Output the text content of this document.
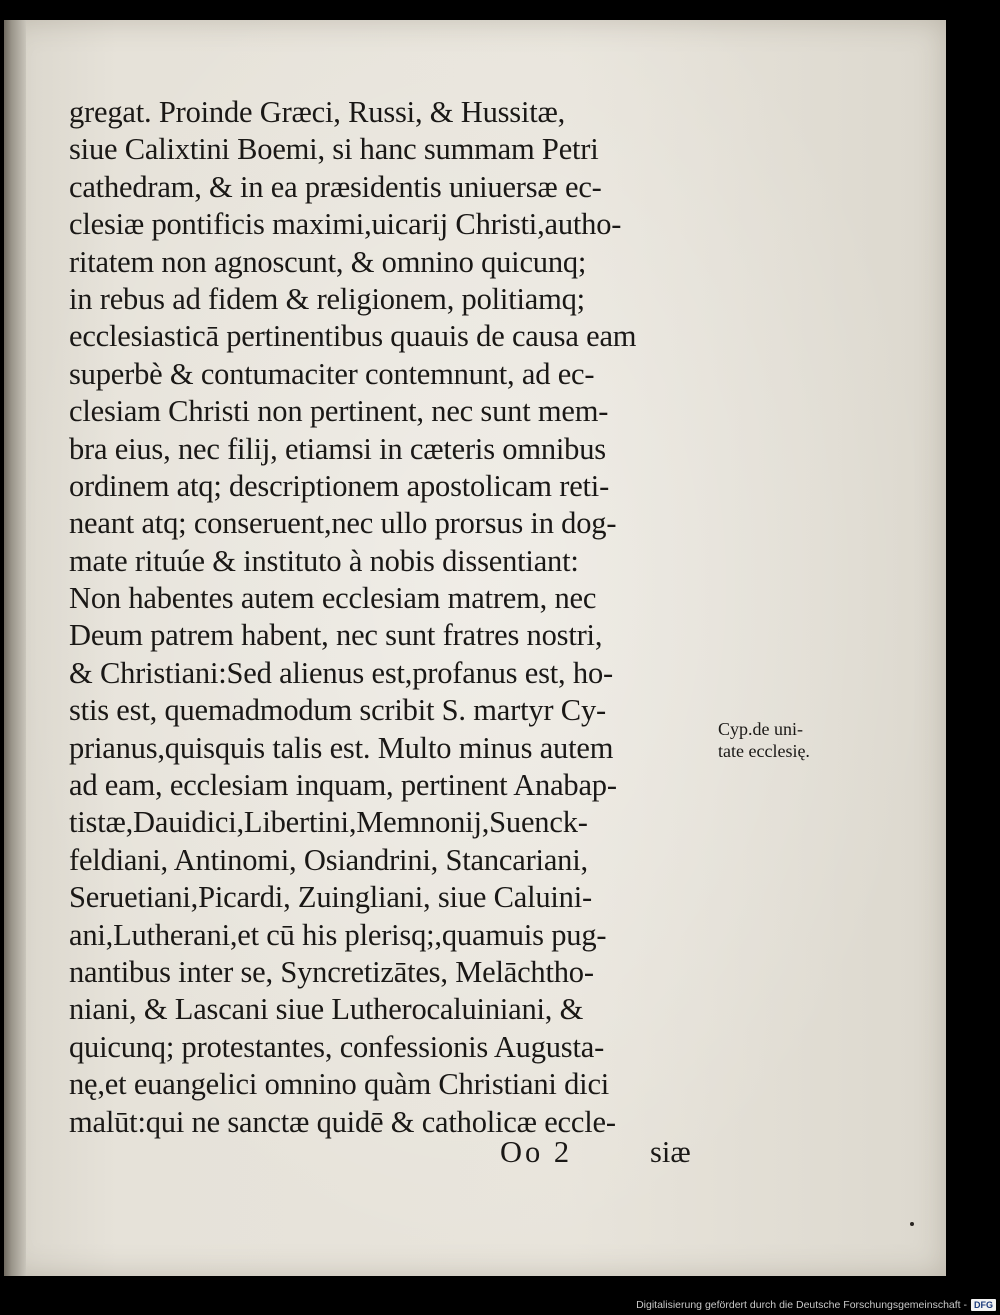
gregat. Proinde Græci, Russi, & Hussitæ,
siue Calixtini Boemi, si hanc summam Petri
cathedram, & in ea præsidentis uniuersæ ec-
clesiæ pontificis maximi,uicarij Christi,autho-
ritatem non agnoscunt, & omnino quicunq;
in rebus ad fidem & religionem, politiamq;
ecclesiasticā pertinentibus quauis de causa eam
superbè & contumaciter contemnunt, ad ec-
clesiam Christi non pertinent, nec sunt mem-
bra eius, nec filij, etiamsi in cæteris omnibus
ordinem atq; descriptionem apostolicam reti-
neant atq; conseruent,nec ullo prorsus in dog-
mate rituúe & instituto à nobis dissentiant:
Non habentes autem ecclesiam matrem, nec
Deum patrem habent, nec sunt fratres nostri,
& Christiani:Sed alienus est,profanus est, ho-
stis est, quemadmodum scribit S. martyr Cy-
prianus,quisquis talis est. Multo minus autem
ad eam, ecclesiam inquam, pertinent Anabap-
tistæ,Dauidici,Libertini,Memnonij,Suenck-
feldiani, Antinomi, Osiandrini, Stancariani,
Seruetiani,Picardi, Zuingliani, siue Caluini-
ani,Lutherani,et cū his plerisq;,quamuis pug-
nantibus inter se, Syncretizātes, Melāchtho-
niani, & Lascani siue Lutherocaluiniani, &
quicunq; protestantes, confessionis Augusta-
nę,et euangelici omnino quàm Christiani dici
malūt:qui ne sanctæ quidē & catholicæ eccle-
Cyp.de uni-
tate ecclesię.
Oo 2	siæ
Digitalisierung gefördert durch die Deutsche Forschungsgemeinschaft - DFG
